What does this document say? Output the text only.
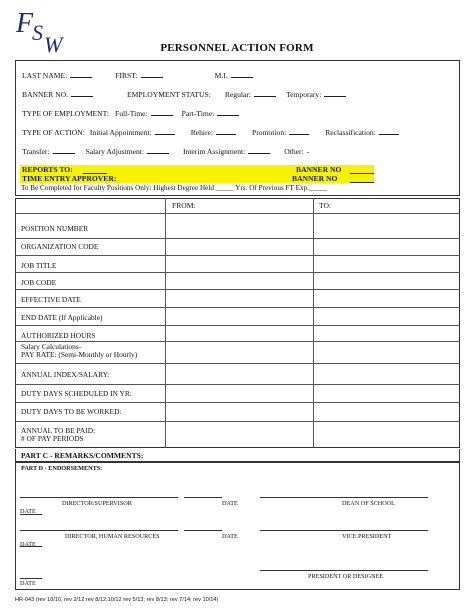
F
S W	PERSONNEL ACTION FORM
LAST NAME:	FIRST:	M.I.
BANNER NO.	EMPLOYMENT STATUS: Regular:	Temporary:
TYPE OF EMPLOYMENT: Full-Time:	Part-Time:
TYPE OF ACTION: Initial Appointment:	Rehire:	Promotion:	Reclassification:
Transfer:	Salary Adjustment:	Interim Assignment:	Other: -
REPORTS TO:
TIME ENTRY APPROVER:
BANNER NO
BANNER NO
To Be Completed for Faculty Positions Only: Highest Degree Held _____ Yrs. Of Previous FT Exp._____
FROM:	TO:
POSITION NUMBER
ORGANIZATION CODE
JOB TITLE
JOB CODE
EFFECTIVE DATE
END DATE (If Applicable)
AUTHORIZED HOURS
Salary Calculations-
PAY RATE: (Semi-Monthly or Hourly)
ANNUAL INDEX/SALARY:
DUTY DAYS SCHEDULED IN YR:
DUTY DAYS TO BE WORKED:
ANNUAL TO BE PAID:
# OF PAY PERIODS
PART C - REMARKS/COMMENTS:
PART D - ENDORSEMENTS:
DIRECTOR/SUPERVISOR	DATE	DEAN OF SCHOOL
DATE
DIRECTOR, HUMAN RESOURCES	DATE	VICE PRESIDENT
DATE
PRESIDENT OR DESIGNEE
DATE
HR-043 (rev 10/10, rev 2/12 rev 8/12;10/12 rev 5/13; rev 8/13; rev 7/14; rev 10/14)
